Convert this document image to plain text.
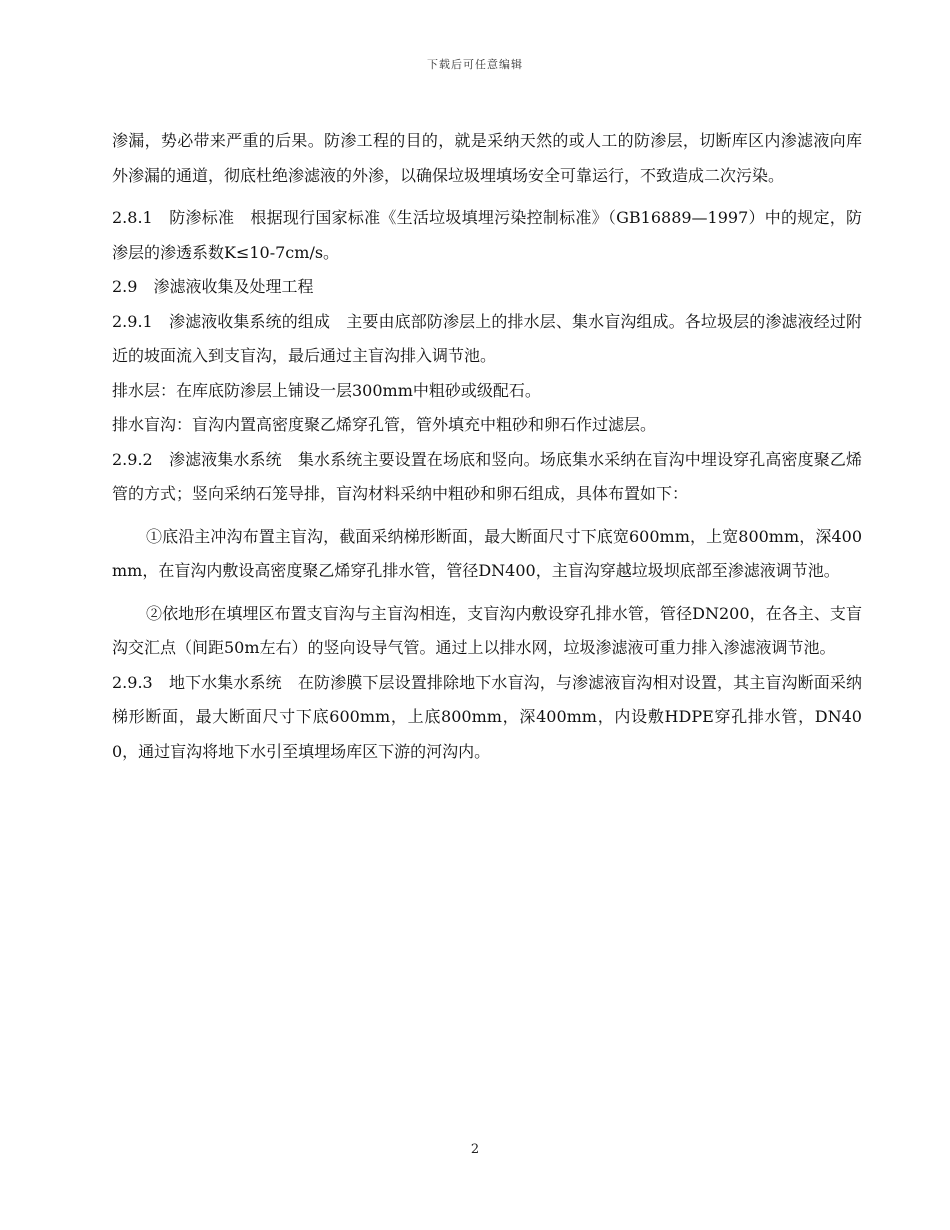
下载后可任意编辑

渗漏，势必带来严重的后果。防渗工程的目的，就是采纳天然的或人工的防渗层，切断库区内渗滤液向库外渗漏的通道，彻底杜绝渗滤液的外渗，以确保垃圾埋填场安全可靠运行，不致造成二次污染。

2.8.1　防渗标准　根据现行国家标准《生活垃圾填埋污染控制标准》（GB16889—1997）中的规定，防渗层的渗透系数K≤10-7cm/s。

2.9　渗滤液收集及处理工程

2.9.1　渗滤液收集系统的组成　主要由底部防渗层上的排水层、集水盲沟组成。各垃圾层的渗滤液经过附近的坡面流入到支盲沟，最后通过主盲沟排入调节池。

排水层：在库底防渗层上铺设一层300mm中粗砂或级配石。

排水盲沟：盲沟内置高密度聚乙烯穿孔管，管外填充中粗砂和卵石作过滤层。

2.9.2　渗滤液集水系统　集水系统主要设置在场底和竖向。场底集水采纳在盲沟中埋设穿孔高密度聚乙烯管的方式；竖向采纳石笼导排，盲沟材料采纳中粗砂和卵石组成，具体布置如下：

①底沿主冲沟布置主盲沟，截面采纳梯形断面，最大断面尺寸下底宽600mm，上宽800mm，深400mm，在盲沟内敷设高密度聚乙烯穿孔排水管，管径DN400，主盲沟穿越垃圾坝底部至渗滤液调节池。

②依地形在填埋区布置支盲沟与主盲沟相连，支盲沟内敷设穿孔排水管，管径DN200，在各主、支盲沟交汇点（间距50m左右）的竖向设导气管。通过上以排水网，垃圾渗滤液可重力排入渗滤液调节池。

2.9.3　地下水集水系统　在防渗膜下层设置排除地下水盲沟，与渗滤液盲沟相对设置，其主盲沟断面采纳梯形断面，最大断面尺寸下底600mm，上底800mm，深400mm，内设敷HDPE穿孔排水管，DN400，通过盲沟将地下水引至填埋场库区下游的河沟内。

2
